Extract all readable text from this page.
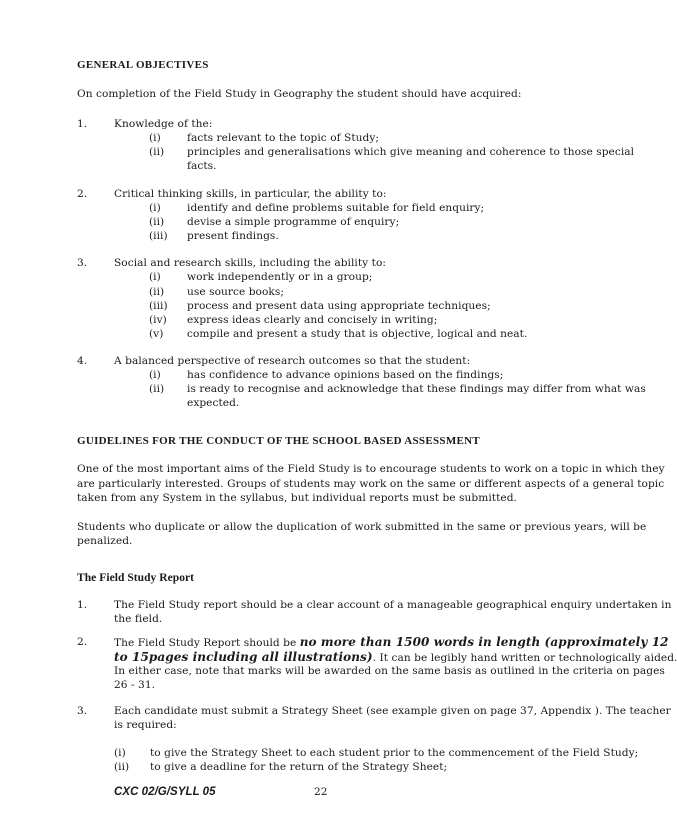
GENERAL OBJECTIVES
On completion of the Field Study in Geography the student should have acquired:
1.	Knowledge of the:
(i) facts relevant to the topic of Study;
(ii) principles and generalisations which give meaning and coherence to those special
facts.
2.	Critical thinking skills, in particular, the ability to:
(i) identify and define problems suitable for field enquiry;
(ii) devise a simple programme of enquiry;
(iii) present findings.
3.	Social and research skills, including the ability to:
(i) work independently or in a group;
(ii) use source books;
(iii) process and present data using appropriate techniques;
(iv) express ideas clearly and concisely in writing;
(v) compile and present a study that is objective, logical and neat.
4.	A balanced perspective of research outcomes so that the student:
(i) has confidence to advance opinions based on the findings;
(ii) is ready to recognise and acknowledge that these findings may differ from what was
expected.
GUIDELINES FOR THE CONDUCT OF THE SCHOOL BASED ASSESSMENT
One of the most important aims of the Field Study is to encourage students to work on a topic in which they
are particularly interested. Groups of students may work on the same or different aspects of a general topic
taken from any System in the syllabus, but individual reports must be submitted.
Students who duplicate or allow the duplication of work submitted in the same or previous years, will be
penalized.
The Field Study Report
1.	The Field Study report should be a clear account of a manageable geographical enquiry undertaken in
the field.
2.	The Field Study Report should be no more than 1500 words in length (approximately 12
to 15pages including all illustrations). It can be legibly hand written or technologically aided.
In either case, note that marks will be awarded on the same basis as outlined in the criteria on pages
26 - 31.
3.	Each candidate must submit a Strategy Sheet (see example given on page 37, Appendix ). The teacher
is required:
(i) to give the Strategy Sheet to each student prior to the commencement of the Field Study;
(ii) to give a deadline for the return of the Strategy Sheet;
CXC 02/G/SYLL 05	22
